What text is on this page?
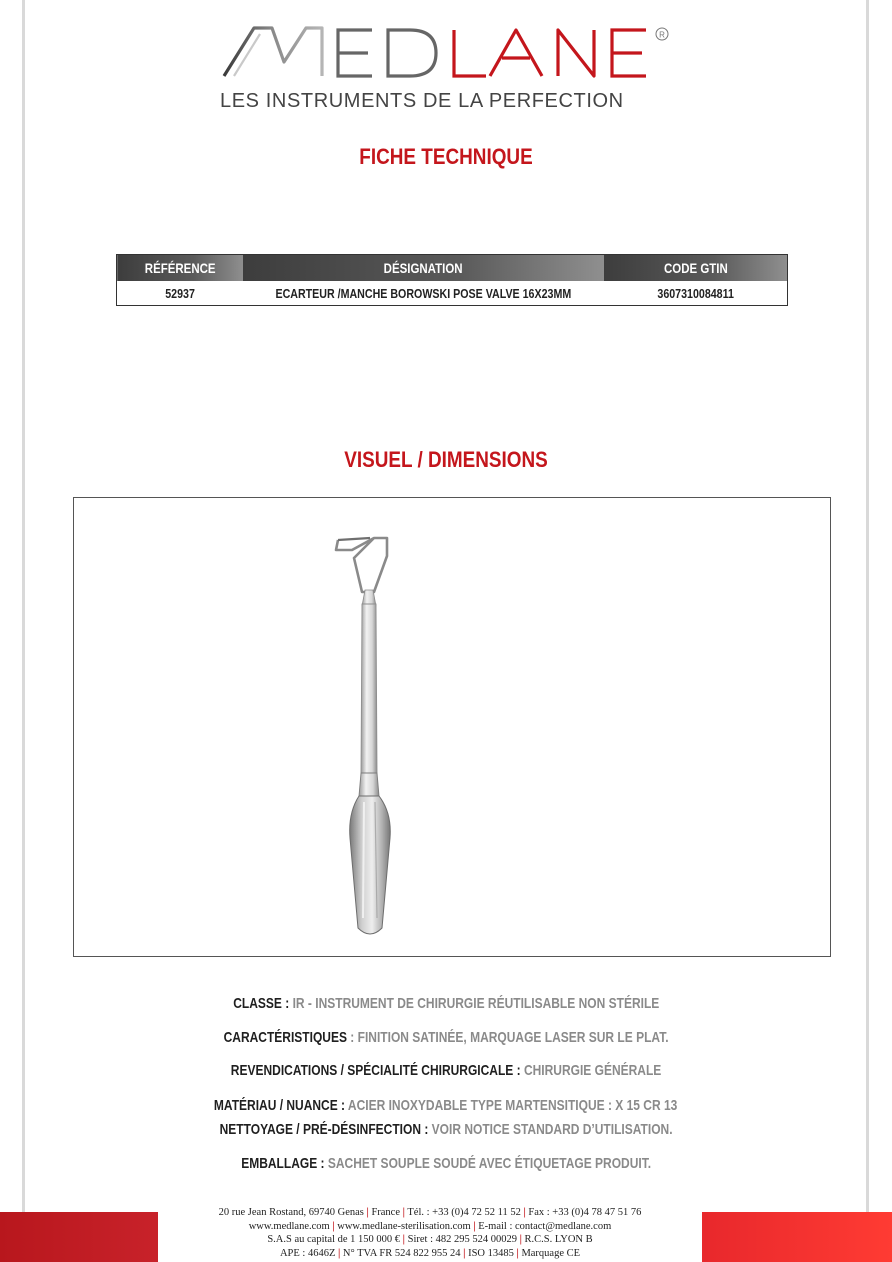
R
LES INSTRUMENTS DE LA PERFECTION
FICHE TECHNIQUE
RÉFÉRENCE	DÉSIGNATION	CODE GTIN
52937	ECARTEUR /MANCHE BOROWSKI POSE VALVE 16X23MM	3607310084811
VISUEL / DIMENSIONS
CLASSE : IR - INSTRUMENT DE CHIRURGIE RÉUTILISABLE NON STÉRILE
CARACTÉRISTIQUES : FINITION SATINÉE, MARQUAGE LASER SUR LE PLAT.
REVENDICATIONS / SPÉCIALITÉ CHIRURGICALE : CHIRURGIE GÉNÉRALE
MATÉRIAU / NUANCE : ACIER INOXYDABLE TYPE MARTENSITIQUE : X 15 CR 13
NETTOYAGE / PRÉ-DÉSINFECTION : VOIR NOTICE STANDARD D’UTILISATION.
EMBALLAGE : SACHET SOUPLE SOUDÉ AVEC ÉTIQUETAGE PRODUIT.
20 rue Jean Rostand, 69740 Genas | France | Tél. : +33 (0)4 72 52 11 52 | Fax : +33 (0)4 78 47 51 76
www.medlane.com | www.medlane-sterilisation.com | E-mail : contact@medlane.com
S.A.S au capital de 1 150 000 € | Siret : 482 295 524 00029 | R.C.S. LYON B
APE : 4646Z | N° TVA FR 524 822 955 24 | ISO 13485 | Marquage CE
